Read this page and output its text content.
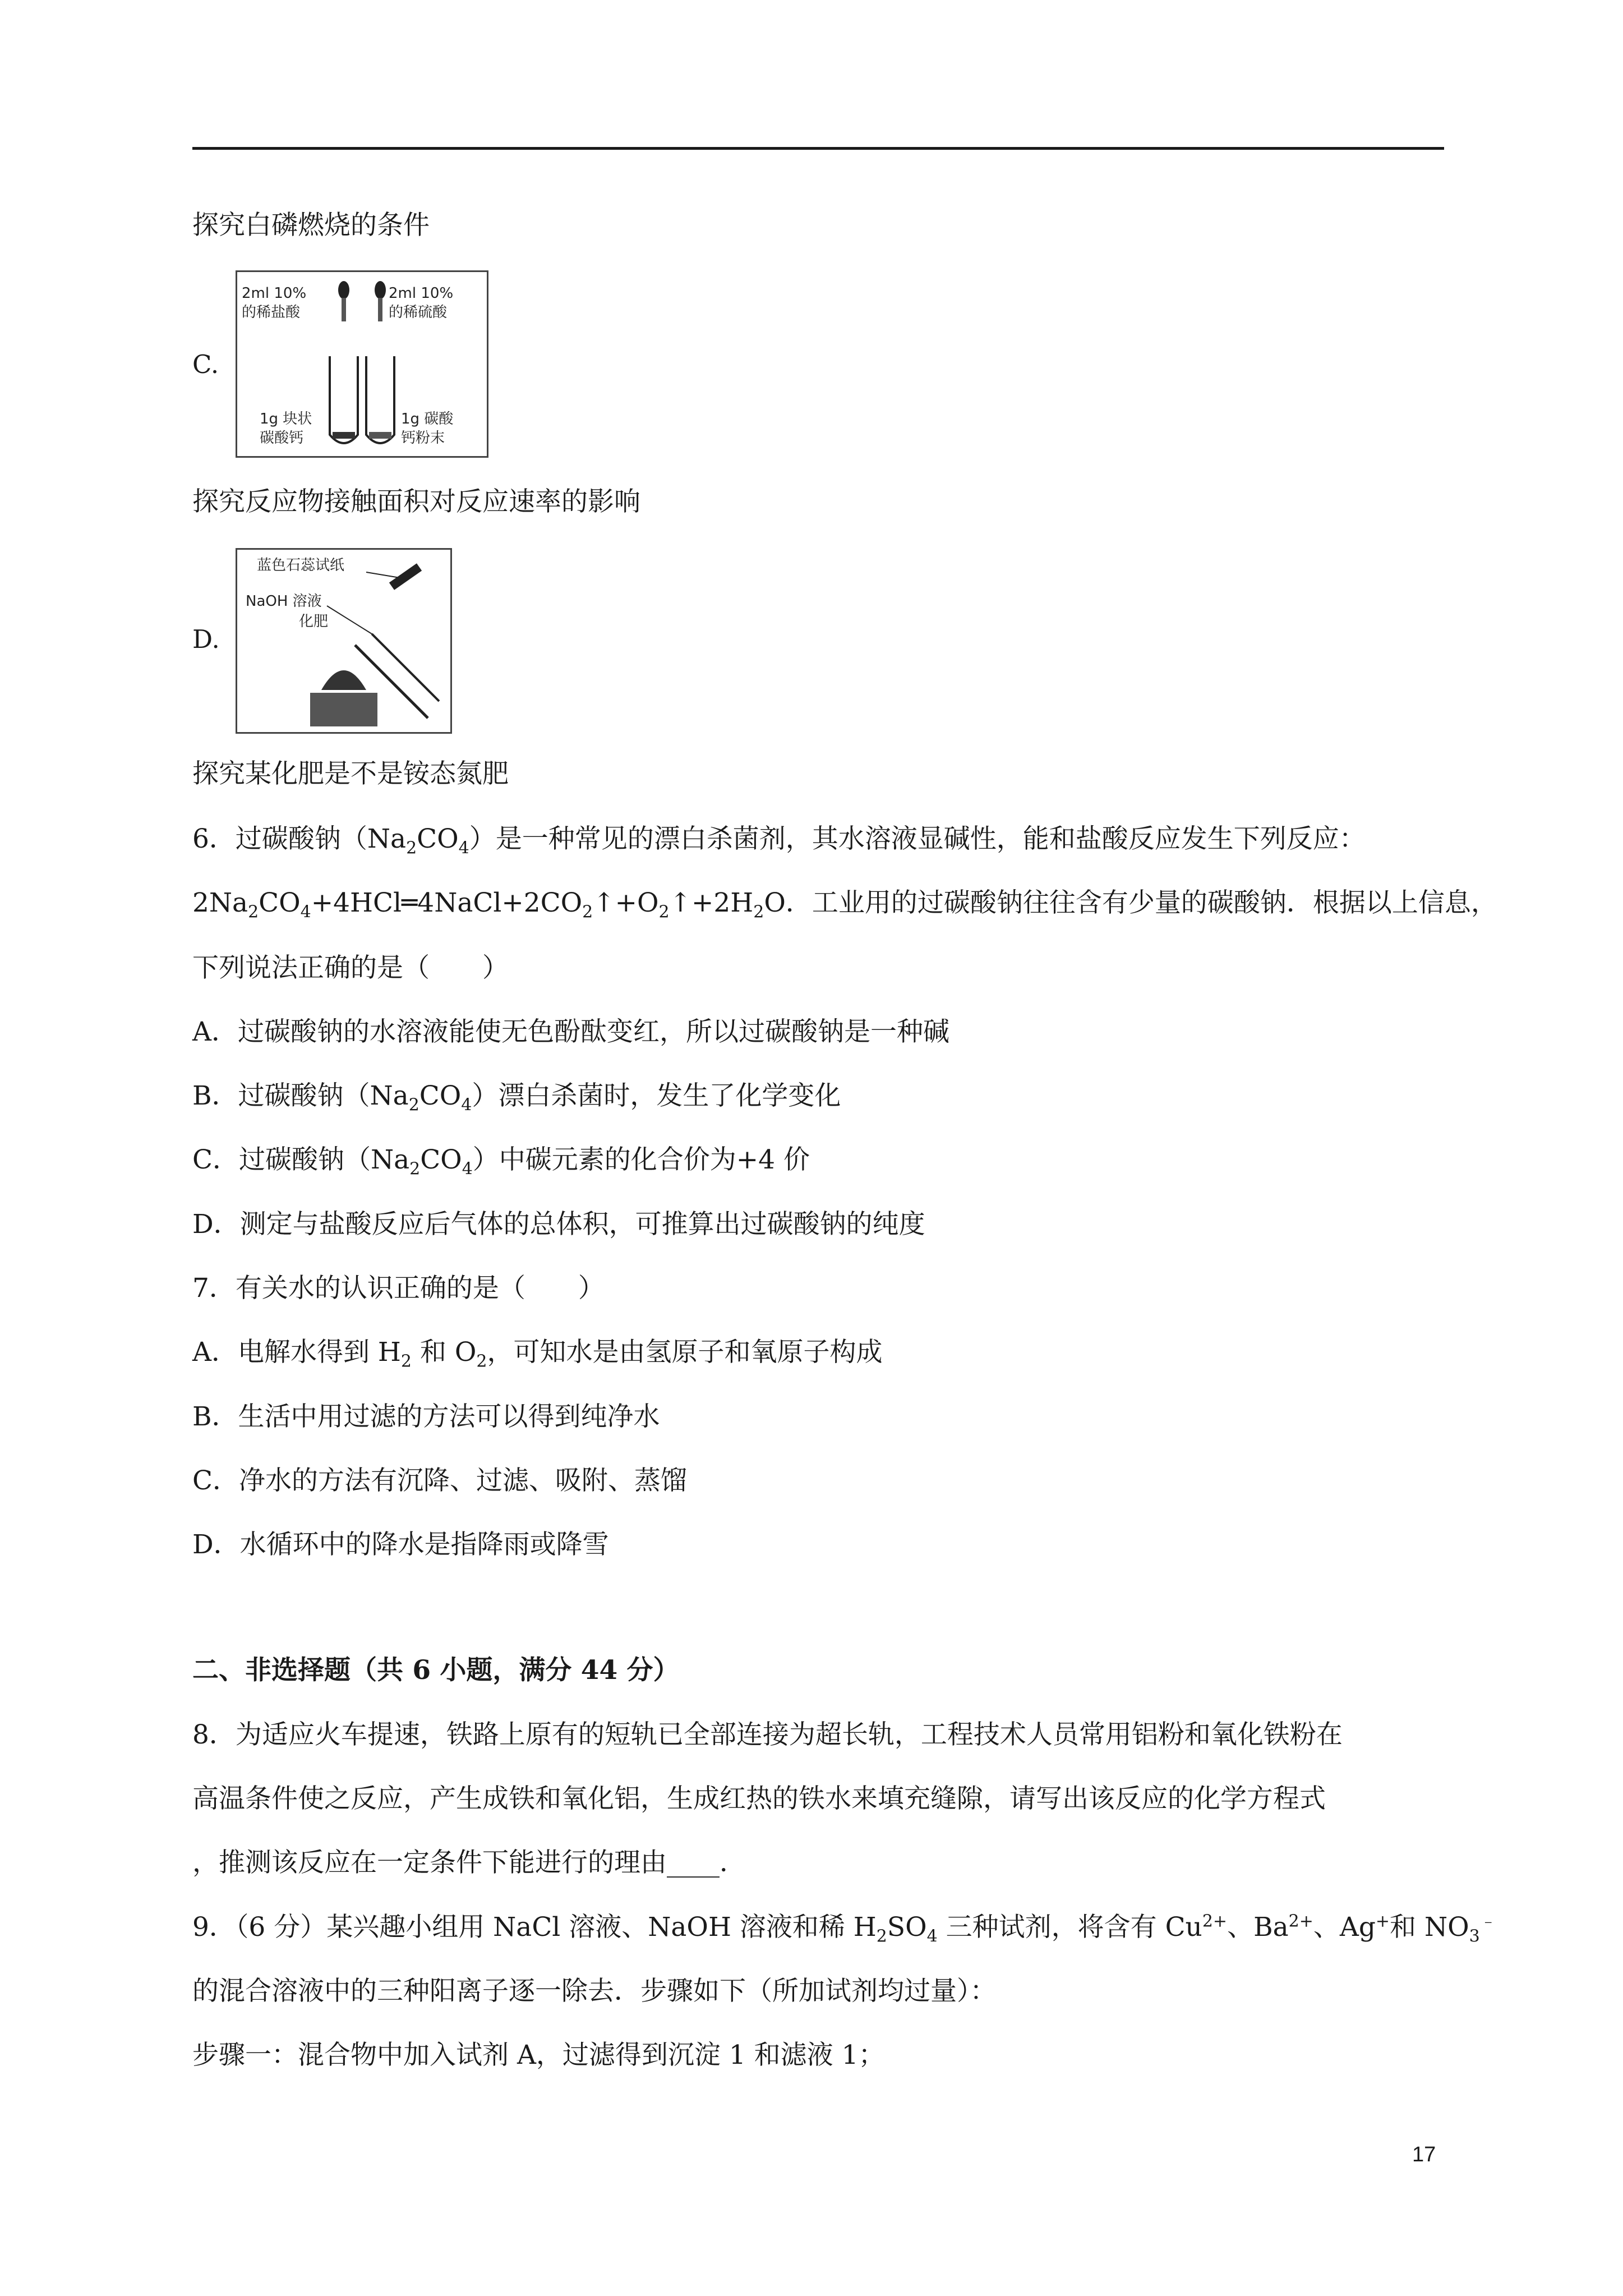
探究白磷燃烧的条件
C.
2ml 10%
的稀盐酸
2ml 10%
的稀硫酸
1g 块状
碳酸钙
1g 碳酸
钙粉末
探究反应物接触面积对反应速率的影响
D.
蓝色石蕊试纸
NaOH 溶液
化肥
探究某化肥是不是铵态氮肥
6．过碳酸钠$(Na_2CO_4)$是一种常见的漂白杀菌剂，其水溶液显碱性，能和盐酸反应发生下列反应：
$2Na_2CO_4+4HCl═4NaCl+2CO_2↑+O_2↑+2H_2O$．工业用的过碳酸钠往往含有少量的碳酸钠．根据以上信息，
下列说法正确的是（　　）
A．过碳酸钠的水溶液能使无色酚酞变红，所以过碳酸钠是一种碱
B．过碳酸钠$(Na_2CO_4)$漂白杀菌时，发生了化学变化
C．过碳酸钠$(Na_2CO_4)$中碳元素的化合价为+4 价
D．测定与盐酸反应后气体的总体积，可推算出过碳酸钠的纯度
7．有关水的认识正确的是（　　）
A．电解水得到 $H_2$ 和 $O_2$，可知水是由氢原子和氧原子构成
B．生活中用过滤的方法可以得到纯净水
C．净水的方法有沉降、过滤、吸附、蒸馏
D．水循环中的降水是指降雨或降雪
二、非选择题（共 6 小题，满分 44 分）
8．为适应火车提速，铁路上原有的短轨已全部连接为超长轨，工程技术人员常用铝粉和氧化铁粉在
高温条件使之反应，产生成铁和氧化铝，生成红热的铁水来填充缝隙，请写出该反应的化学方程式
，推测该反应在一定条件下能进行的理由____．
9．（6 分）某兴趣小组用 NaCl 溶液、NaOH 溶液和稀 $H_2SO_4$ 三种试剂，将含有 $Cu^{2+}$、$Ba^{2+}$、Ag+和 $NO_3^﹣$
的混合溶液中的三种阳离子逐一除去．步骤如下（所加试剂均过量）：
步骤一：混合物中加入试剂 A，过滤得到沉淀 1 和滤液 1；
17
